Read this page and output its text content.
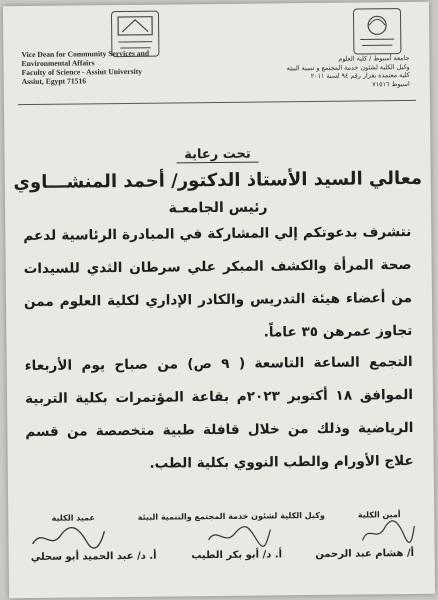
Vice Dean for Community Services and
Environmental Affairs
Faculty of Science - Assiut University
Assiut, Egypt 71516
جامعة أسيوط / كلية العلوم
وكيل الكلية لشئون خدمة المجتمع و تنمية البيئة
كلية معتمدة بقرار رقم ٩٤ لسنة ٢٠١١
اسيوط ٧١٥١٦
تحت رعاية
معالي السيد الأستاذ الدكتور/ أحمد المنشـــاوي
رئيس الجامعـة
نتشرف بدعوتكم إلي المشاركة في المبادرة الرئاسية لدعم صحة المرأة والكشف المبكر علي سرطان الثدي للسيدات من أعضاء هيئة التدريس والكادر الإداري لكلية العلوم ممن تجاوز عمرهن ٣٥ عاماً.
التجمع الساعة التاسعة ( ٩ ص) من صباح يوم الأربعاء الموافق ١٨ أكتوبر ٢٠٢٣م بقاعة المؤتمرات بكلية التربية الرياضية وذلك من خلال قافلة طبية متخصصة من قسم علاج الأورام والطب النووي بكلية الطب.
أمين الكلية
وكيل الكلية لشئون خدمة المجتمع والتنمية البيئة
عميد الكلية
أ/ هشام عبد الرحمن
أ. د/ أبو بكر الطيب
أ. د/ عبد الحميد أبو سحلي
